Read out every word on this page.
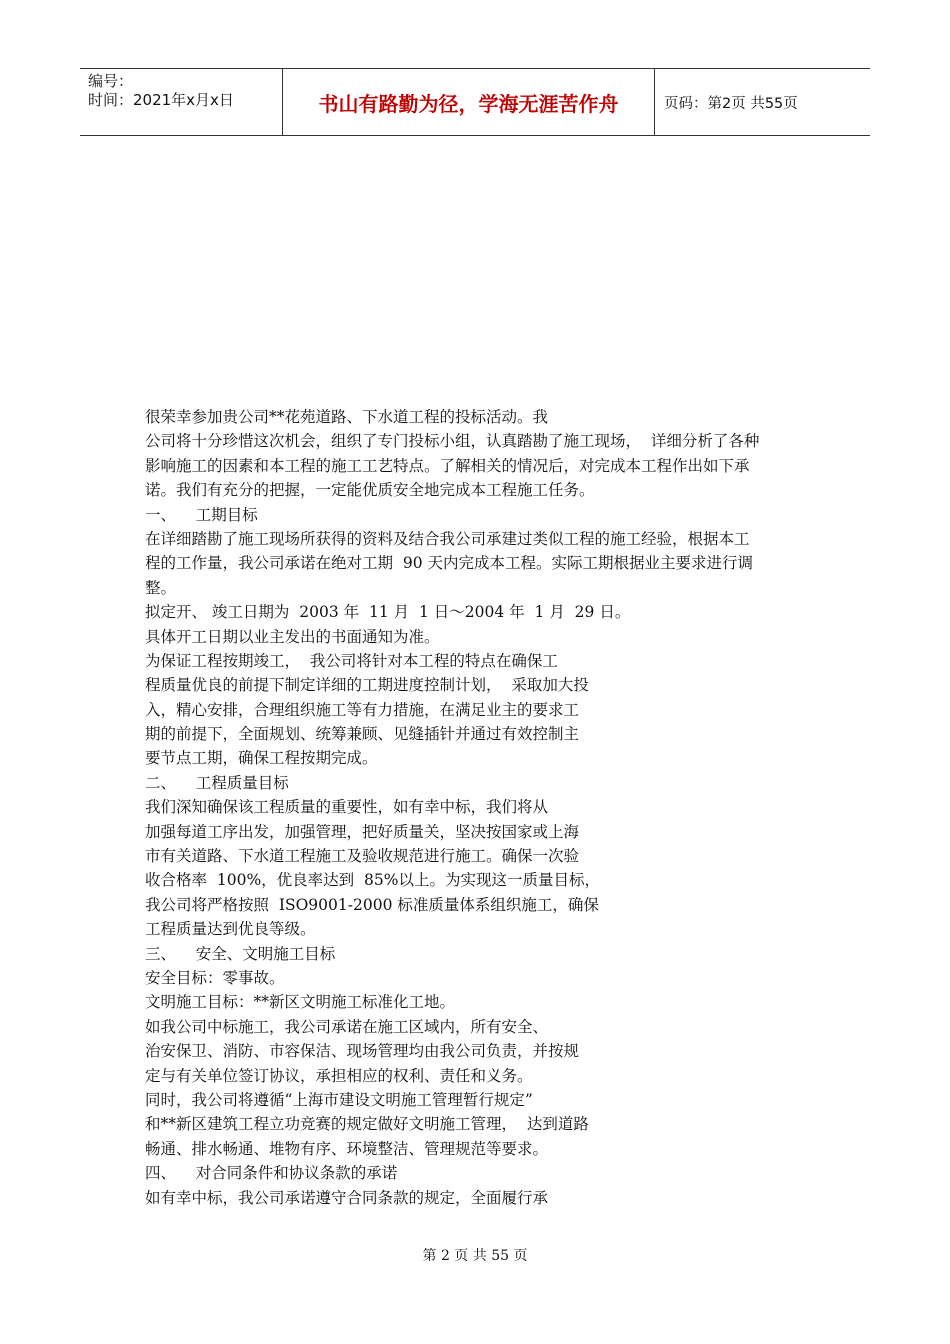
编号：
时间：2021年x月x日	书山有路勤为径，学海无涯苦作舟	页码：第2页 共55页
很荣幸参加贵公司**花苑道路、下水道工程的投标活动。我
公司将十分珍惜这次机会，组织了专门投标小组，认真踏勘了施工现场，  详细分析了各种
影响施工的因素和本工程的施工工艺特点。了解相关的情况后，对完成本工程作出如下承
诺。我们有充分的把握，一定能优质安全地完成本工程施工任务。
一、    工期目标
在详细踏勘了施工现场所获得的资料及结合我公司承建过类似工程的施工经验，根据本工
程的工作量，我公司承诺在绝对工期  90 天内完成本工程。实际工期根据业主要求进行调
整。
拟定开、 竣工日期为  2003 年  11 月  1 日～2004 年  1 月  29 日。
具体开工日期以业主发出的书面通知为准。
为保证工程按期竣工，  我公司将针对本工程的特点在确保工
程质量优良的前提下制定详细的工期进度控制计划，  采取加大投
入，精心安排，合理组织施工等有力措施，在满足业主的要求工
期的前提下，全面规划、统筹兼顾、见缝插针并通过有效控制主
要节点工期，确保工程按期完成。
二、    工程质量目标
我们深知确保该工程质量的重要性，如有幸中标，我们将从
加强每道工序出发，加强管理，把好质量关，坚决按国家或上海
市有关道路、下水道工程施工及验收规范进行施工。确保一次验
收合格率  100%，优良率达到  85%以上。为实现这一质量目标，
我公司将严格按照  ISO9001-2000 标准质量体系组织施工，确保
工程质量达到优良等级。
三、    安全、文明施工目标
安全目标：零事故。
文明施工目标：**新区文明施工标准化工地。
如我公司中标施工，我公司承诺在施工区域内，所有安全、
治安保卫、消防、市容保洁、现场管理均由我公司负责，并按规
定与有关单位签订协议，承担相应的权利、责任和义务。
同时，我公司将遵循“上海市建设文明施工管理暂行规定”
和**新区建筑工程立功竞赛的规定做好文明施工管理，  达到道路
畅通、排水畅通、堆物有序、环境整洁、管理规范等要求。
四、    对合同条件和协议条款的承诺
如有幸中标，我公司承诺遵守合同条款的规定，全面履行承
第 2 页 共 55 页
